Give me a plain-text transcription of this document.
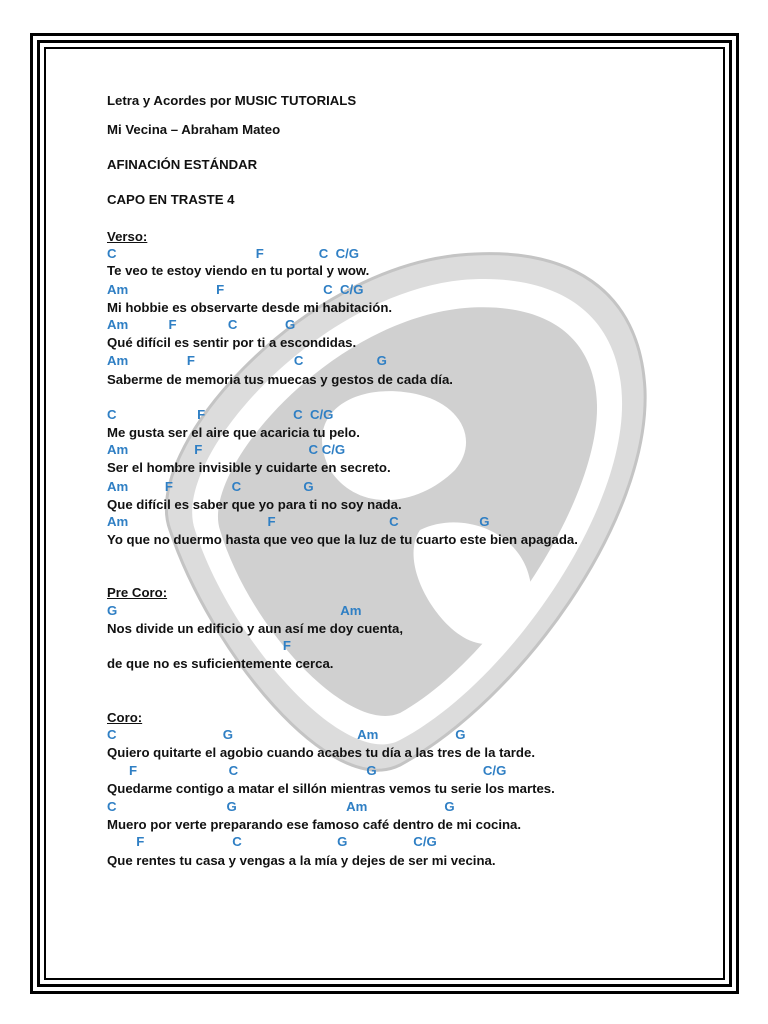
Letra y Acordes por MUSIC TUTORIALS
Mi Vecina – Abraham Mateo
AFINACIÓN ESTÁNDAR
CAPO EN TRASTE 4
Verso:
C                                      F               C  C/G
Te veo te estoy viendo en tu portal y wow.
Am                        F                           C  C/G
Mi hobbie es observarte desde mi habitación.
Am           F              C             G
Qué difícil es sentir por ti a escondidas.
Am                F                           C                    G
Saberme de memoria tus muecas y gestos de cada día.
C                      F                        C  C/G
Me gusta ser el aire que acaricia tu pelo.
Am                  F                             C C/G
Ser el hombre invisible y cuidarte en secreto.
Am          F                C                 G
Que difícil es saber que yo para ti no soy nada.
Am                                      F                               C                      G
Yo que no duermo hasta que veo que la luz de tu cuarto este bien apagada.
Pre Coro:
G                                                             Am
Nos divide un edificio y aun así me doy cuenta,
F
de que no es suficientemente cerca.
Coro:
C                             G                                  Am                     G
Quiero quitarte el agobio cuando acabes tu día a las tres de la tarde.
F                         C                                   G                             C/G
Quedarme contigo a matar el sillón mientras vemos tu serie los martes.
C                              G                              Am                     G
Muero por verte preparando ese famoso café dentro de mi cocina.
F                        C                          G                  C/G
Que rentes tu casa y vengas a la mía y dejes de ser mi vecina.
